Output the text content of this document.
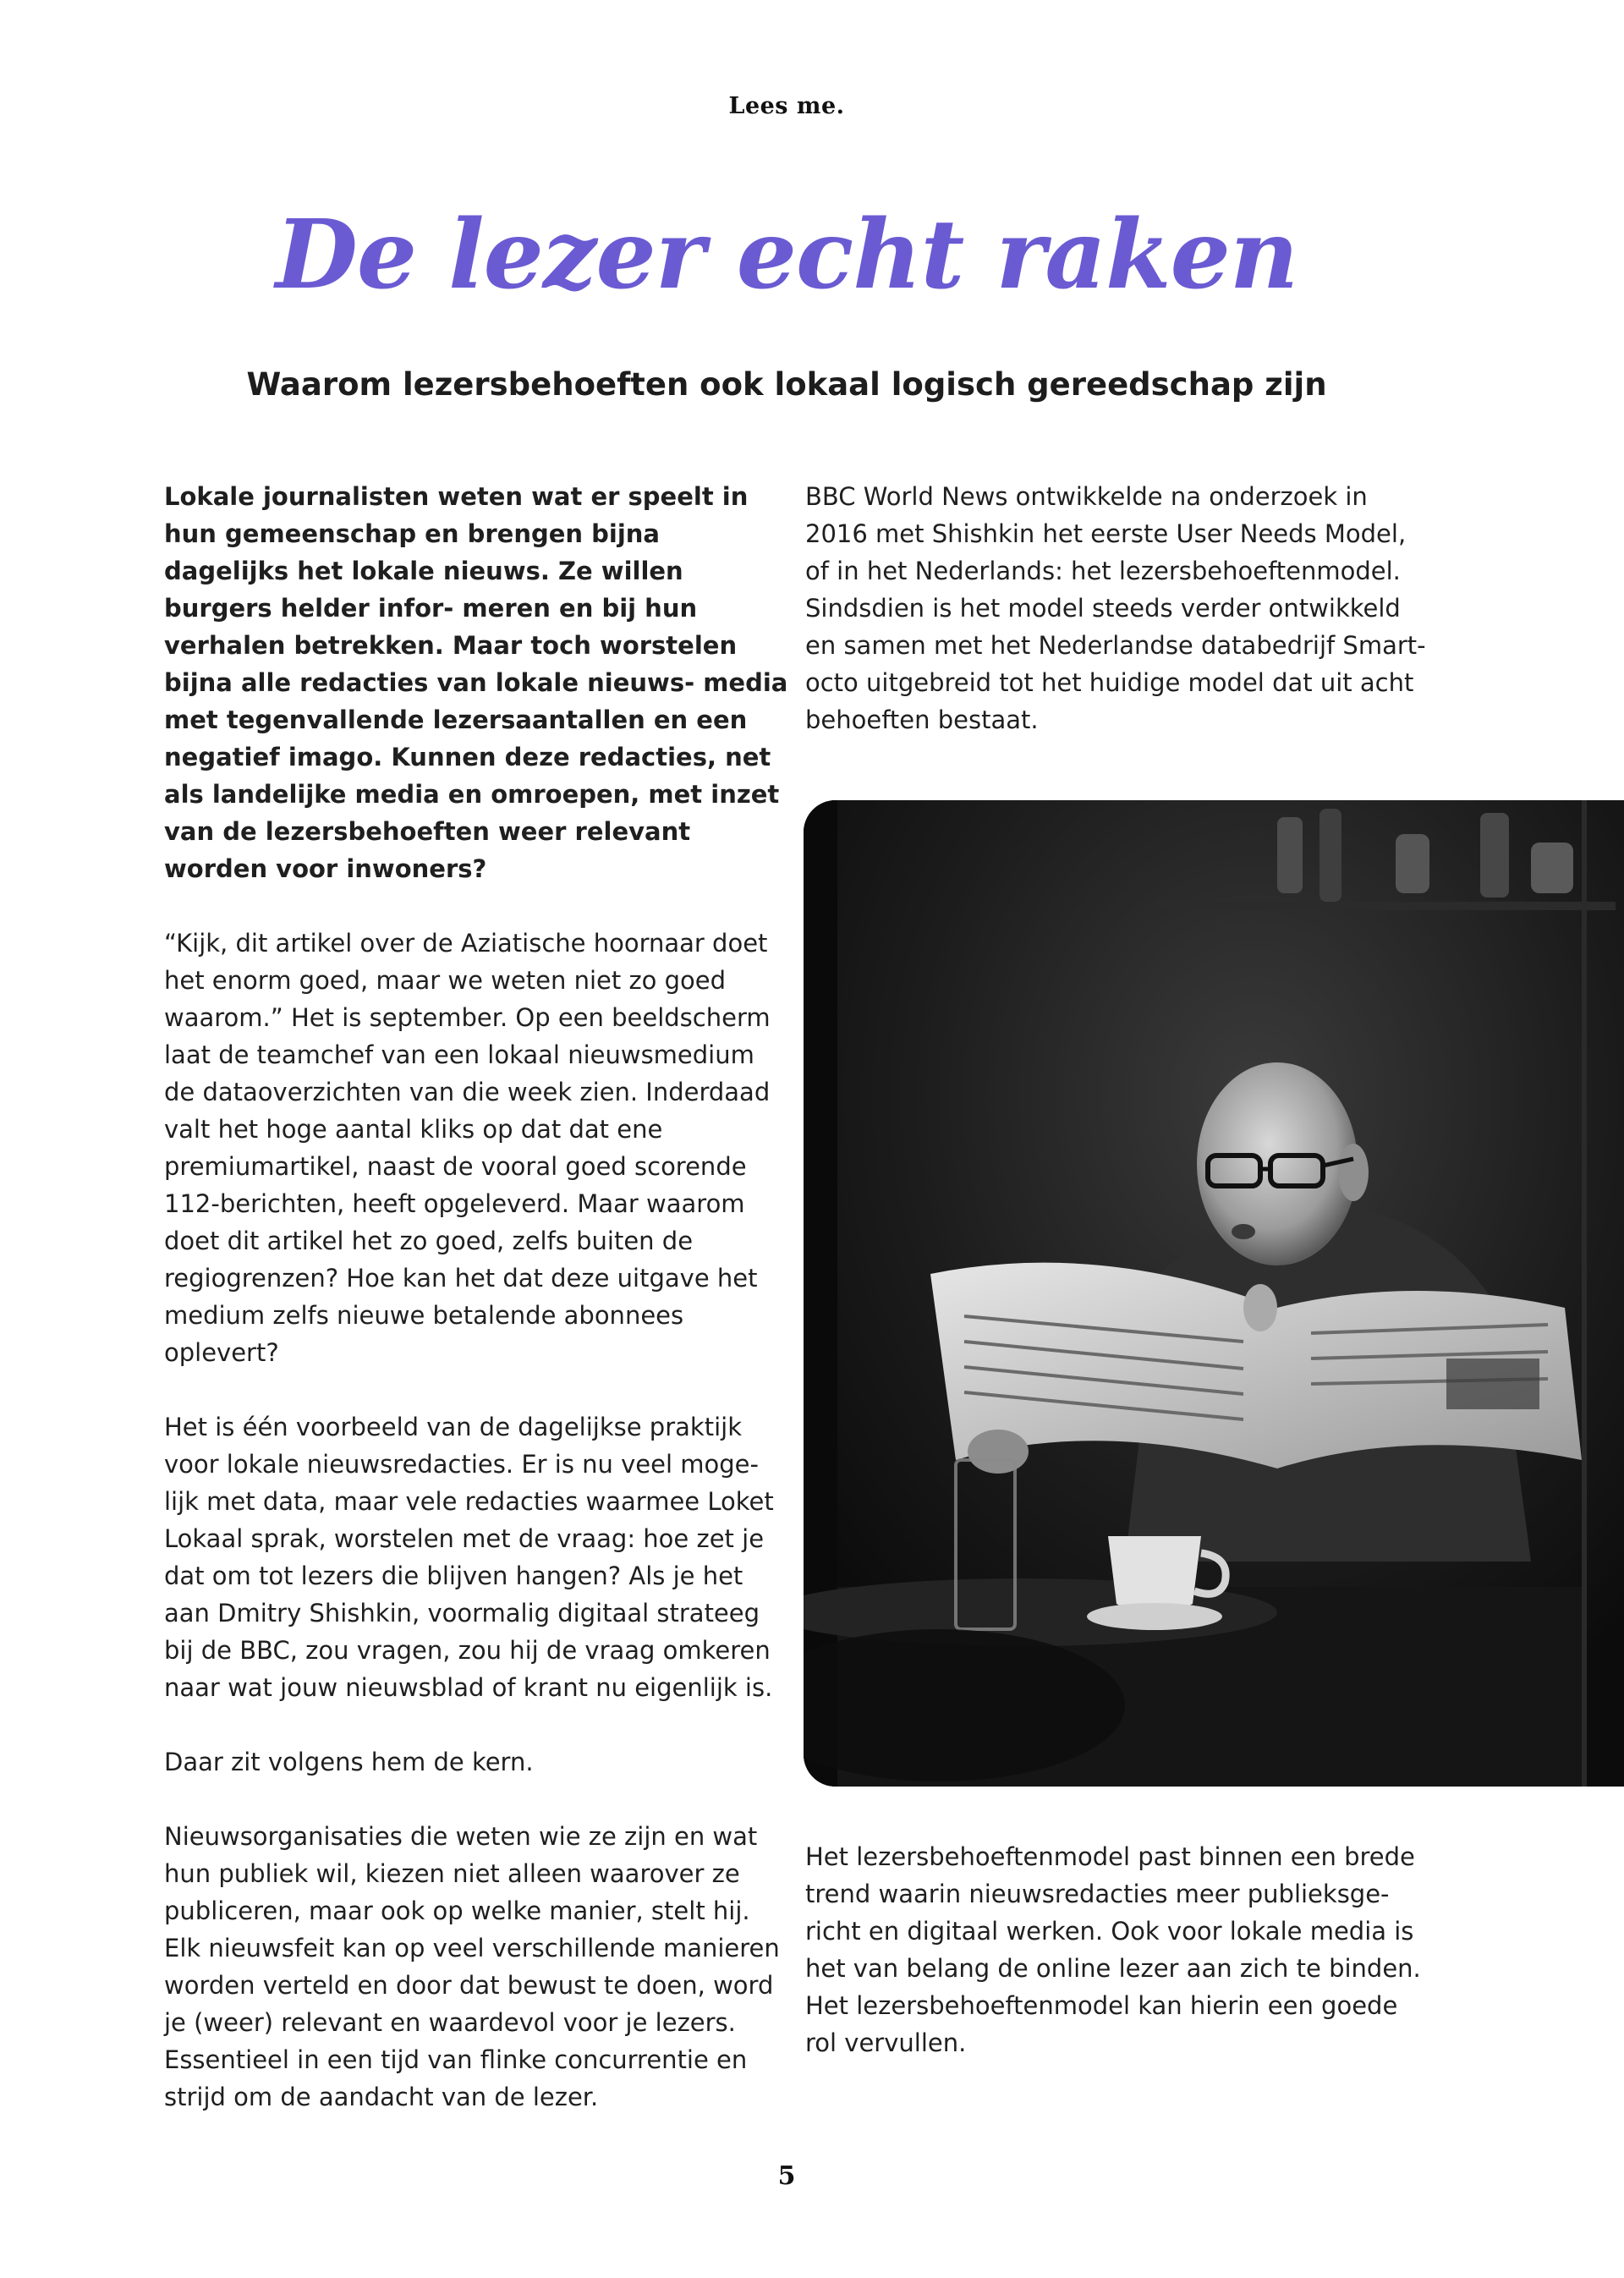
Lees me.
De lezer echt raken
Waarom lezersbehoeften ook lokaal logisch gereedschap zijn

Lokale journalisten weten wat er speelt in hun gemeenschap en brengen bijna dagelijks het lokale nieuws. Ze willen burgers helder infor- meren en bij hun verhalen betrekken. Maar toch worstelen bijna alle redacties van lokale nieuws- media met tegenvallende lezersaantallen en een negatief imago. Kunnen deze redacties, net als landelijke media en omroepen, met inzet van de lezersbehoeften weer relevant worden voor inwoners?

“Kijk, dit artikel over de Aziatische hoornaar doet het enorm goed, maar we weten niet zo goed waarom.” Het is september. Op een beeldscherm laat de teamchef van een lokaal nieuwsmedium de dataoverzichten van die week zien. Inderdaad valt het hoge aantal kliks op dat dat ene premiumartikel, naast de vooral goed scorende 112-berichten, heeft opgeleverd. Maar waarom doet dit artikel het zo goed, zelfs buiten de regiogrenzen? Hoe kan het dat deze uitgave het medium zelfs nieuwe betalende abonnees oplevert?

Het is één voorbeeld van de dagelijkse praktijk voor lokale nieuwsredacties. Er is nu veel moge- lijk met data, maar vele redacties waarmee Loket Lokaal sprak, worstelen met de vraag: hoe zet je dat om tot lezers die blijven hangen? Als je het aan Dmitry Shishkin, voormalig digitaal strateeg bij de BBC, zou vragen, zou hij de vraag omkeren naar wat jouw nieuwsblad of krant nu eigenlijk is.

Daar zit volgens hem de kern.

Nieuwsorganisaties die weten wie ze zijn en wat hun publiek wil, kiezen niet alleen waarover ze publiceren, maar ook op welke manier, stelt hij. Elk nieuwsfeit kan op veel verschillende manieren worden verteld en door dat bewust te doen, word je (weer) relevant en waardevol voor je lezers. Essentieel in een tijd van flinke concurrentie en strijd om de aandacht van de lezer.

BBC World News ontwikkelde na onderzoek in 2016 met Shishkin het eerste User Needs Model, of in het Nederlands: het lezersbehoeftenmodel. Sindsdien is het model steeds verder ontwikkeld en samen met het Nederlandse databedrijf Smart- octo uitgebreid tot het huidige model dat uit acht behoeften bestaat.

Het lezersbehoeftenmodel past binnen een brede trend waarin nieuwsredacties meer publieksge- richt en digitaal werken. Ook voor lokale media is het van belang de online lezer aan zich te binden. Het lezersbehoeftenmodel kan hierin een goede rol vervullen.

5
